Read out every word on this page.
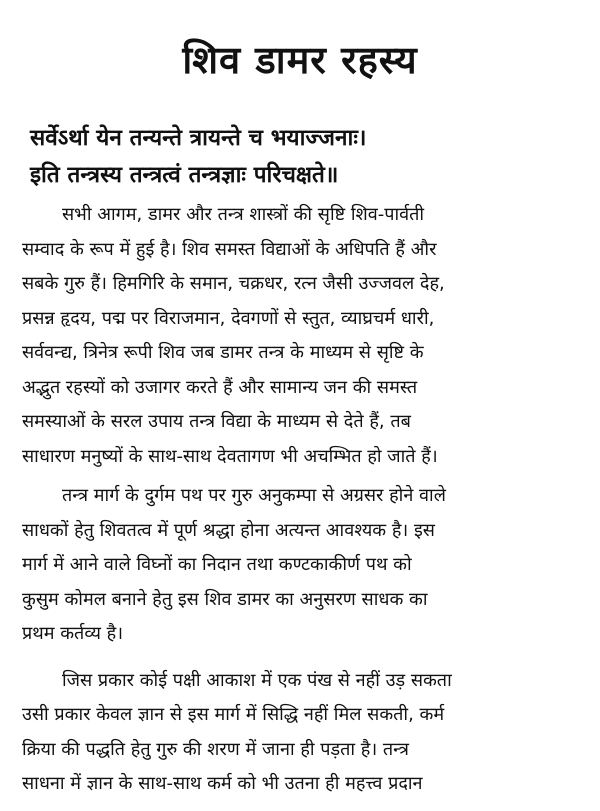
शिव डामर रहस्य
सर्वेऽर्था येन तन्यन्ते त्रायन्ते च भयाज्जनाः।
इति तन्त्रस्य तन्त्रत्वं तन्त्रज्ञाः परिचक्षते॥
सभी आगम, डामर और तन्त्र शास्त्रों की सृष्टि शिव-पार्वती
सम्वाद के रूप में हुई है। शिव समस्त विद्याओं के अधिपति हैं और
सबके गुरु हैं। हिमगिरि के समान, चक्रधर, रत्न जैसी उज्जवल देह,
प्रसन्न हृदय, पद्म पर विराजमान, देवगणों से स्तुत, व्याघ्रचर्म धारी,
सर्ववन्द्य, त्रिनेत्र रूपी शिव जब डामर तन्त्र के माध्यम से सृष्टि के
अद्भुत रहस्यों को उजागर करते हैं और सामान्य जन की समस्त
समस्याओं के सरल उपाय तन्त्र विद्या के माध्यम से देते हैं, तब
साधारण मनुष्यों के साथ-साथ देवतागण भी अचम्भित हो जाते हैं।
तन्त्र मार्ग के दुर्गम पथ पर गुरु अनुकम्पा से अग्रसर होने वाले
साधकों हेतु शिवतत्व में पूर्ण श्रद्धा होना अत्यन्त आवश्यक है। इस
मार्ग में आने वाले विघ्नों का निदान तथा कण्टकाकीर्ण पथ को
कुसुम कोमल बनाने हेतु इस शिव डामर का अनुसरण साधक का
प्रथम कर्तव्य है।
जिस प्रकार कोई पक्षी आकाश में एक पंख से नहीं उड़ सकता
उसी प्रकार केवल ज्ञान से इस मार्ग में सिद्धि नहीं मिल सकती, कर्म
क्रिया की पद्धति हेतु गुरु की शरण में जाना ही पड़ता है। तन्त्र
साधना में ज्ञान के साथ-साथ कर्म को भी उतना ही महत्त्व प्रदान
